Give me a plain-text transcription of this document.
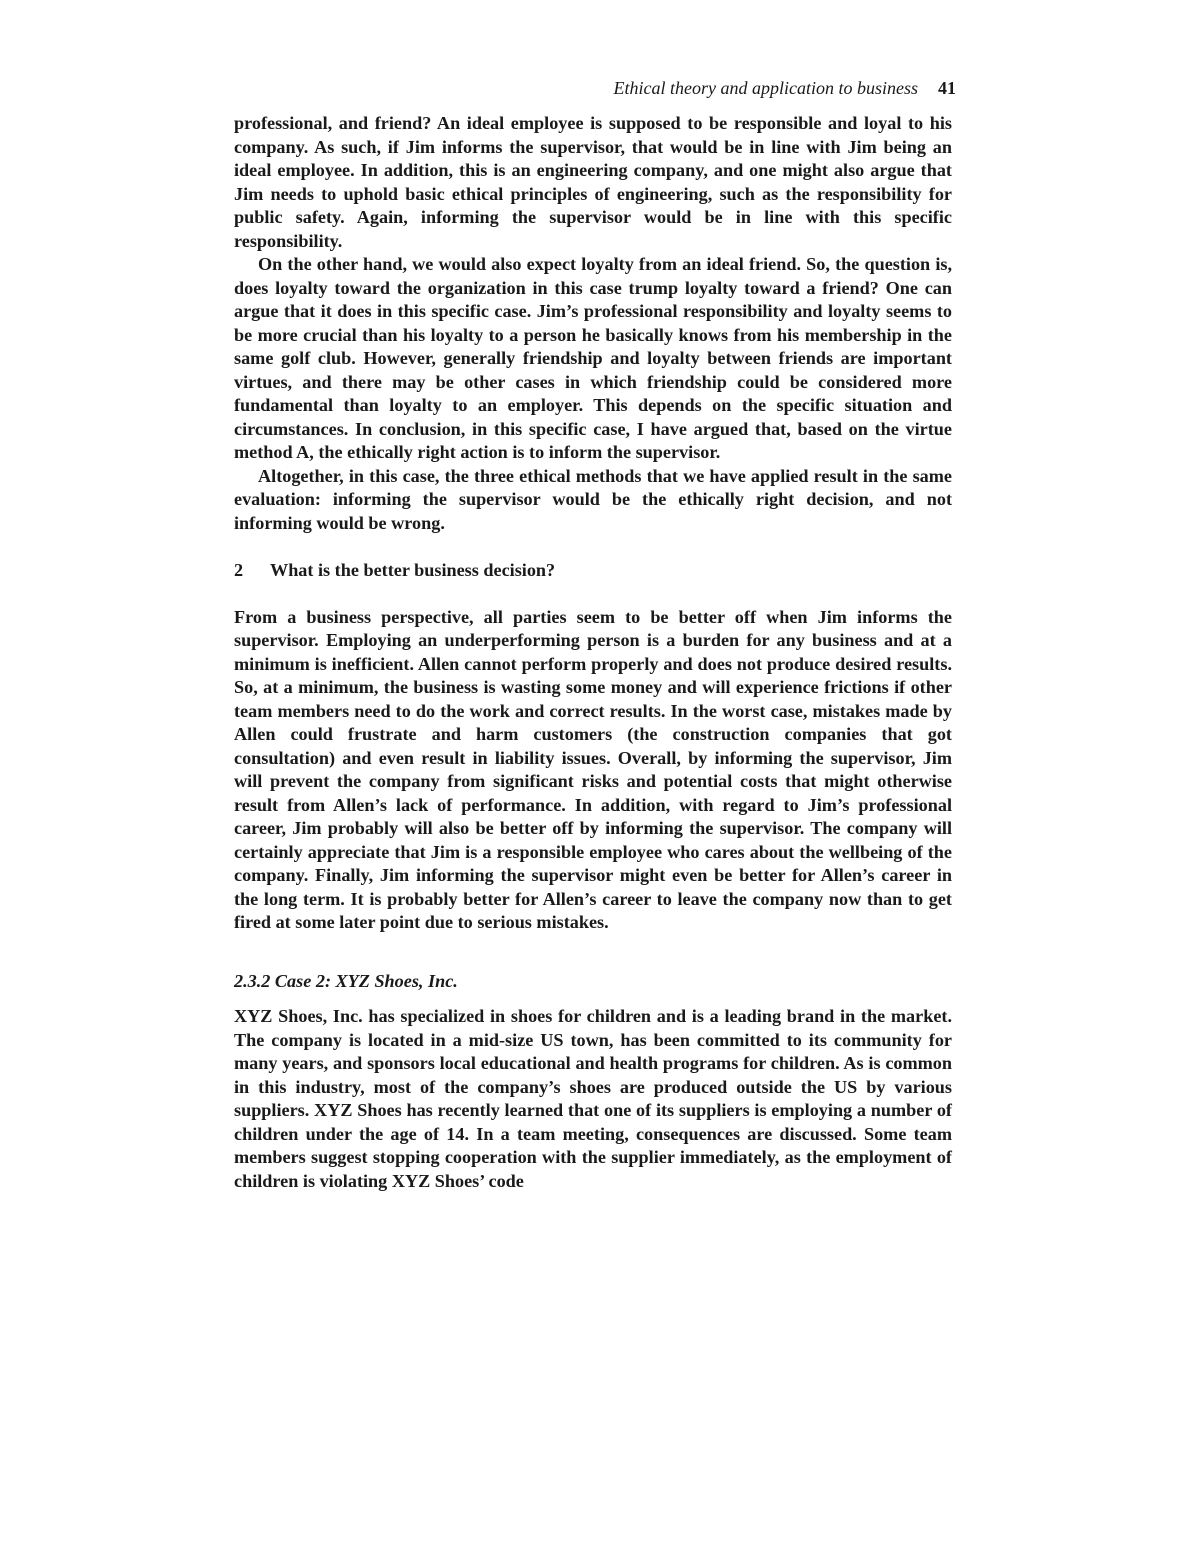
Ethical theory and application to business 41

professional, and friend? An ideal employee is supposed to be responsible and loyal to his company. As such, if Jim informs the supervisor, that would be in line with Jim being an ideal employee. In addition, this is an engineering company, and one might also argue that Jim needs to uphold basic ethical principles of engineering, such as the responsibility for public safety. Again, informing the supervisor would be in line with this specific responsibility.

On the other hand, we would also expect loyalty from an ideal friend. So, the question is, does loyalty toward the organization in this case trump loyalty toward a friend? One can argue that it does in this specific case. Jim’s professional responsibility and loyalty seems to be more crucial than his loyalty to a person he basically knows from his membership in the same golf club. However, generally friendship and loyalty between friends are important virtues, and there may be other cases in which friendship could be considered more fundamental than loyalty to an employer. This depends on the specific situation and circumstances. In conclusion, in this specific case, I have argued that, based on the virtue method A, the ethically right action is to inform the supervisor.

Altogether, in this case, the three ethical methods that we have applied result in the same evaluation: informing the supervisor would be the ethically right decision, and not informing would be wrong.

2 What is the better business decision?

From a business perspective, all parties seem to be better off when Jim informs the supervisor. Employing an underperforming person is a burden for any business and at a minimum is inefficient. Allen cannot perform properly and does not produce desired results. So, at a minimum, the business is wasting some money and will experience frictions if other team members need to do the work and correct results. In the worst case, mistakes made by Allen could frustrate and harm customers (the construction companies that got consultation) and even result in liability issues. Overall, by informing the supervisor, Jim will prevent the company from significant risks and potential costs that might otherwise result from Allen’s lack of performance. In addition, with regard to Jim’s professional career, Jim probably will also be better off by informing the supervisor. The company will certainly appreciate that Jim is a responsible employee who cares about the wellbeing of the company. Finally, Jim informing the supervisor might even be better for Allen’s career in the long term. It is probably better for Allen’s career to leave the company now than to get fired at some later point due to serious mistakes.

2.3.2 Case 2: XYZ Shoes, Inc.

XYZ Shoes, Inc. has specialized in shoes for children and is a leading brand in the market. The company is located in a mid-size US town, has been committed to its community for many years, and sponsors local educational and health programs for children. As is common in this industry, most of the company’s shoes are produced outside the US by various suppliers. XYZ Shoes has recently learned that one of its suppliers is employing a number of children under the age of 14. In a team meeting, consequences are discussed. Some team members suggest stopping cooperation with the supplier immediately, as the employment of children is violating XYZ Shoes’ code
